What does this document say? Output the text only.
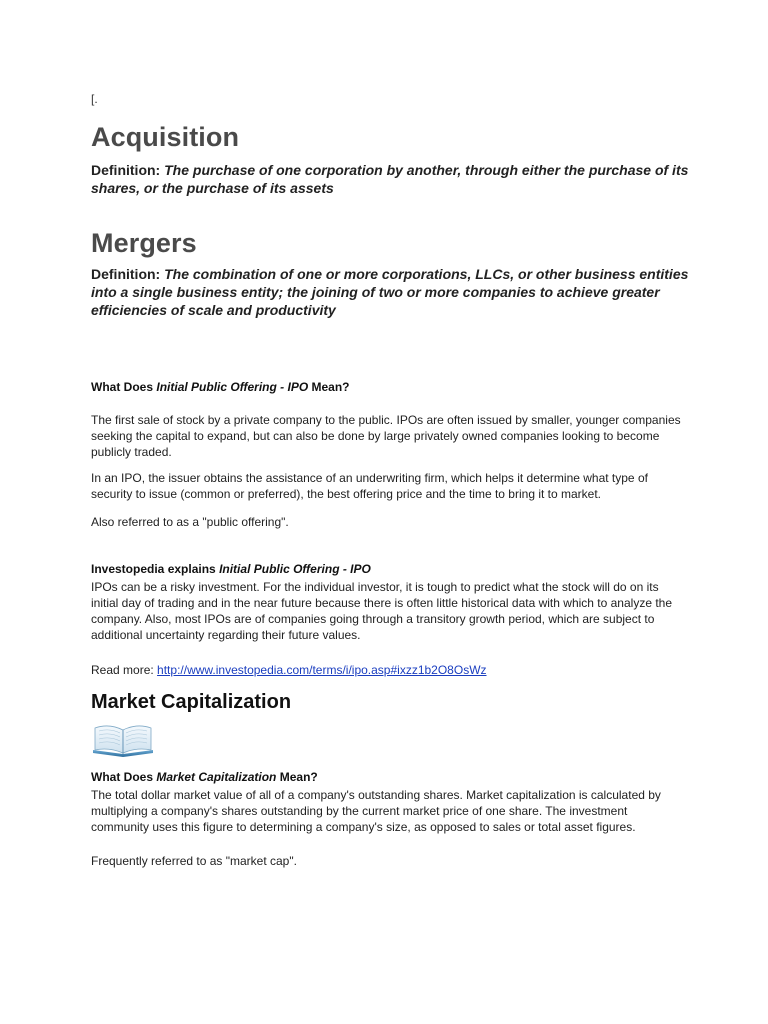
[.

Acquisition

Definition: The purchase of one corporation by another, through either the purchase of its shares, or the purchase of its assets

Mergers

Definition: The combination of one or more corporations, LLCs, or other business entities into a single business entity; the joining of two or more companies to achieve greater efficiencies of scale and productivity

What Does Initial Public Offering - IPO Mean?

The first sale of stock by a private company to the public. IPOs are often issued by smaller, younger companies seeking the capital to expand, but can also be done by large privately owned companies looking to become publicly traded.

In an IPO, the issuer obtains the assistance of an underwriting firm, which helps it determine what type of security to issue (common or preferred), the best offering price and the time to bring it to market.

Also referred to as a "public offering".

Investopedia explains Initial Public Offering - IPO

IPOs can be a risky investment. For the individual investor, it is tough to predict what the stock will do on its initial day of trading and in the near future because there is often little historical data with which to analyze the company. Also, most IPOs are of companies going through a transitory growth period, which are subject to additional uncertainty regarding their future values.

Read more: http://www.investopedia.com/terms/i/ipo.asp#ixzz1b2O8OsWz

Market Capitalization

What Does Market Capitalization Mean?

The total dollar market value of all of a company's outstanding shares. Market capitalization is calculated by multiplying a company's shares outstanding by the current market price of one share. The investment community uses this figure to determining a company's size, as opposed to sales or total asset figures.

Frequently referred to as "market cap".
